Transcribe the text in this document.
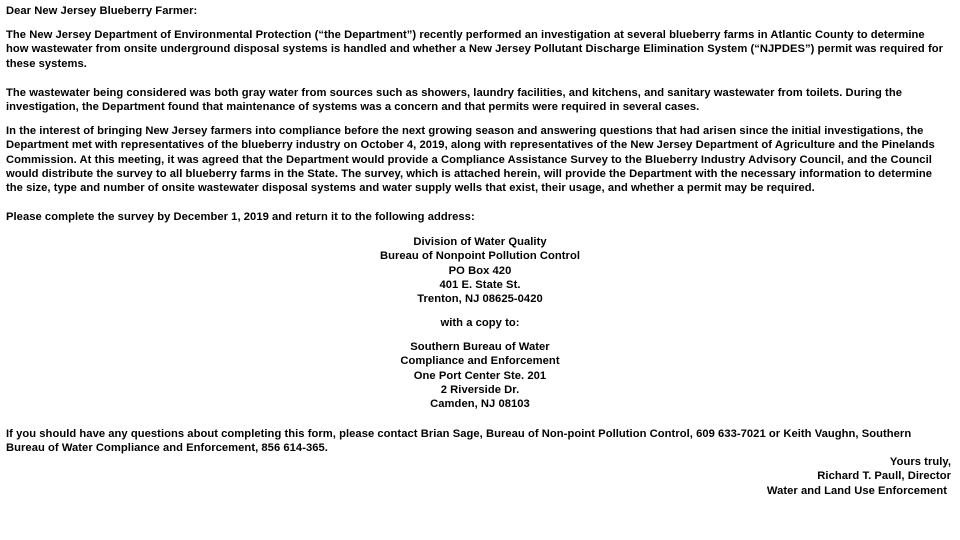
Dear New Jersey Blueberry Farmer:

The New Jersey Department of Environmental Protection (“the Department”) recently performed an investigation at several blueberry farms in Atlantic County to determine how wastewater from onsite underground disposal systems is handled and whether a New Jersey Pollutant Discharge Elimination System (“NJPDES”) permit was required for these systems.

The wastewater being considered was both gray water from sources such as showers, laundry facilities, and kitchens, and sanitary wastewater from toilets. During the investigation, the Department found that maintenance of systems was a concern and that permits were required in several cases.

In the interest of bringing New Jersey farmers into compliance before the next growing season and answering questions that had arisen since the initial investigations, the Department met with representatives of the blueberry industry on October 4, 2019, along with representatives of the New Jersey Department of Agriculture and the Pinelands Commission. At this meeting, it was agreed that the Department would provide a Compliance Assistance Survey to the Blueberry Industry Advisory Council, and the Council would distribute the survey to all blueberry farms in the State. The survey, which is attached herein, will provide the Department with the necessary information to determine the size, type and number of onsite wastewater disposal systems and water supply wells that exist, their usage, and whether a permit may be required.

Please complete the survey by December 1, 2019 and return it to the following address:

Division of Water Quality
Bureau of Nonpoint Pollution Control
PO Box 420
401 E. State St.
Trenton, NJ 08625-0420
with a copy to:
Southern Bureau of Water
Compliance and Enforcement
One Port Center Ste. 201
2 Riverside Dr.
Camden, NJ 08103

If you should have any questions about completing this form, please contact Brian Sage, Bureau of Non-point Pollution Control, 609 633-7021 or Keith Vaughn, Southern Bureau of Water Compliance and Enforcement, 856 614-365.

Yours truly,
Richard T. Paull, Director
Water and Land Use Enforcement
